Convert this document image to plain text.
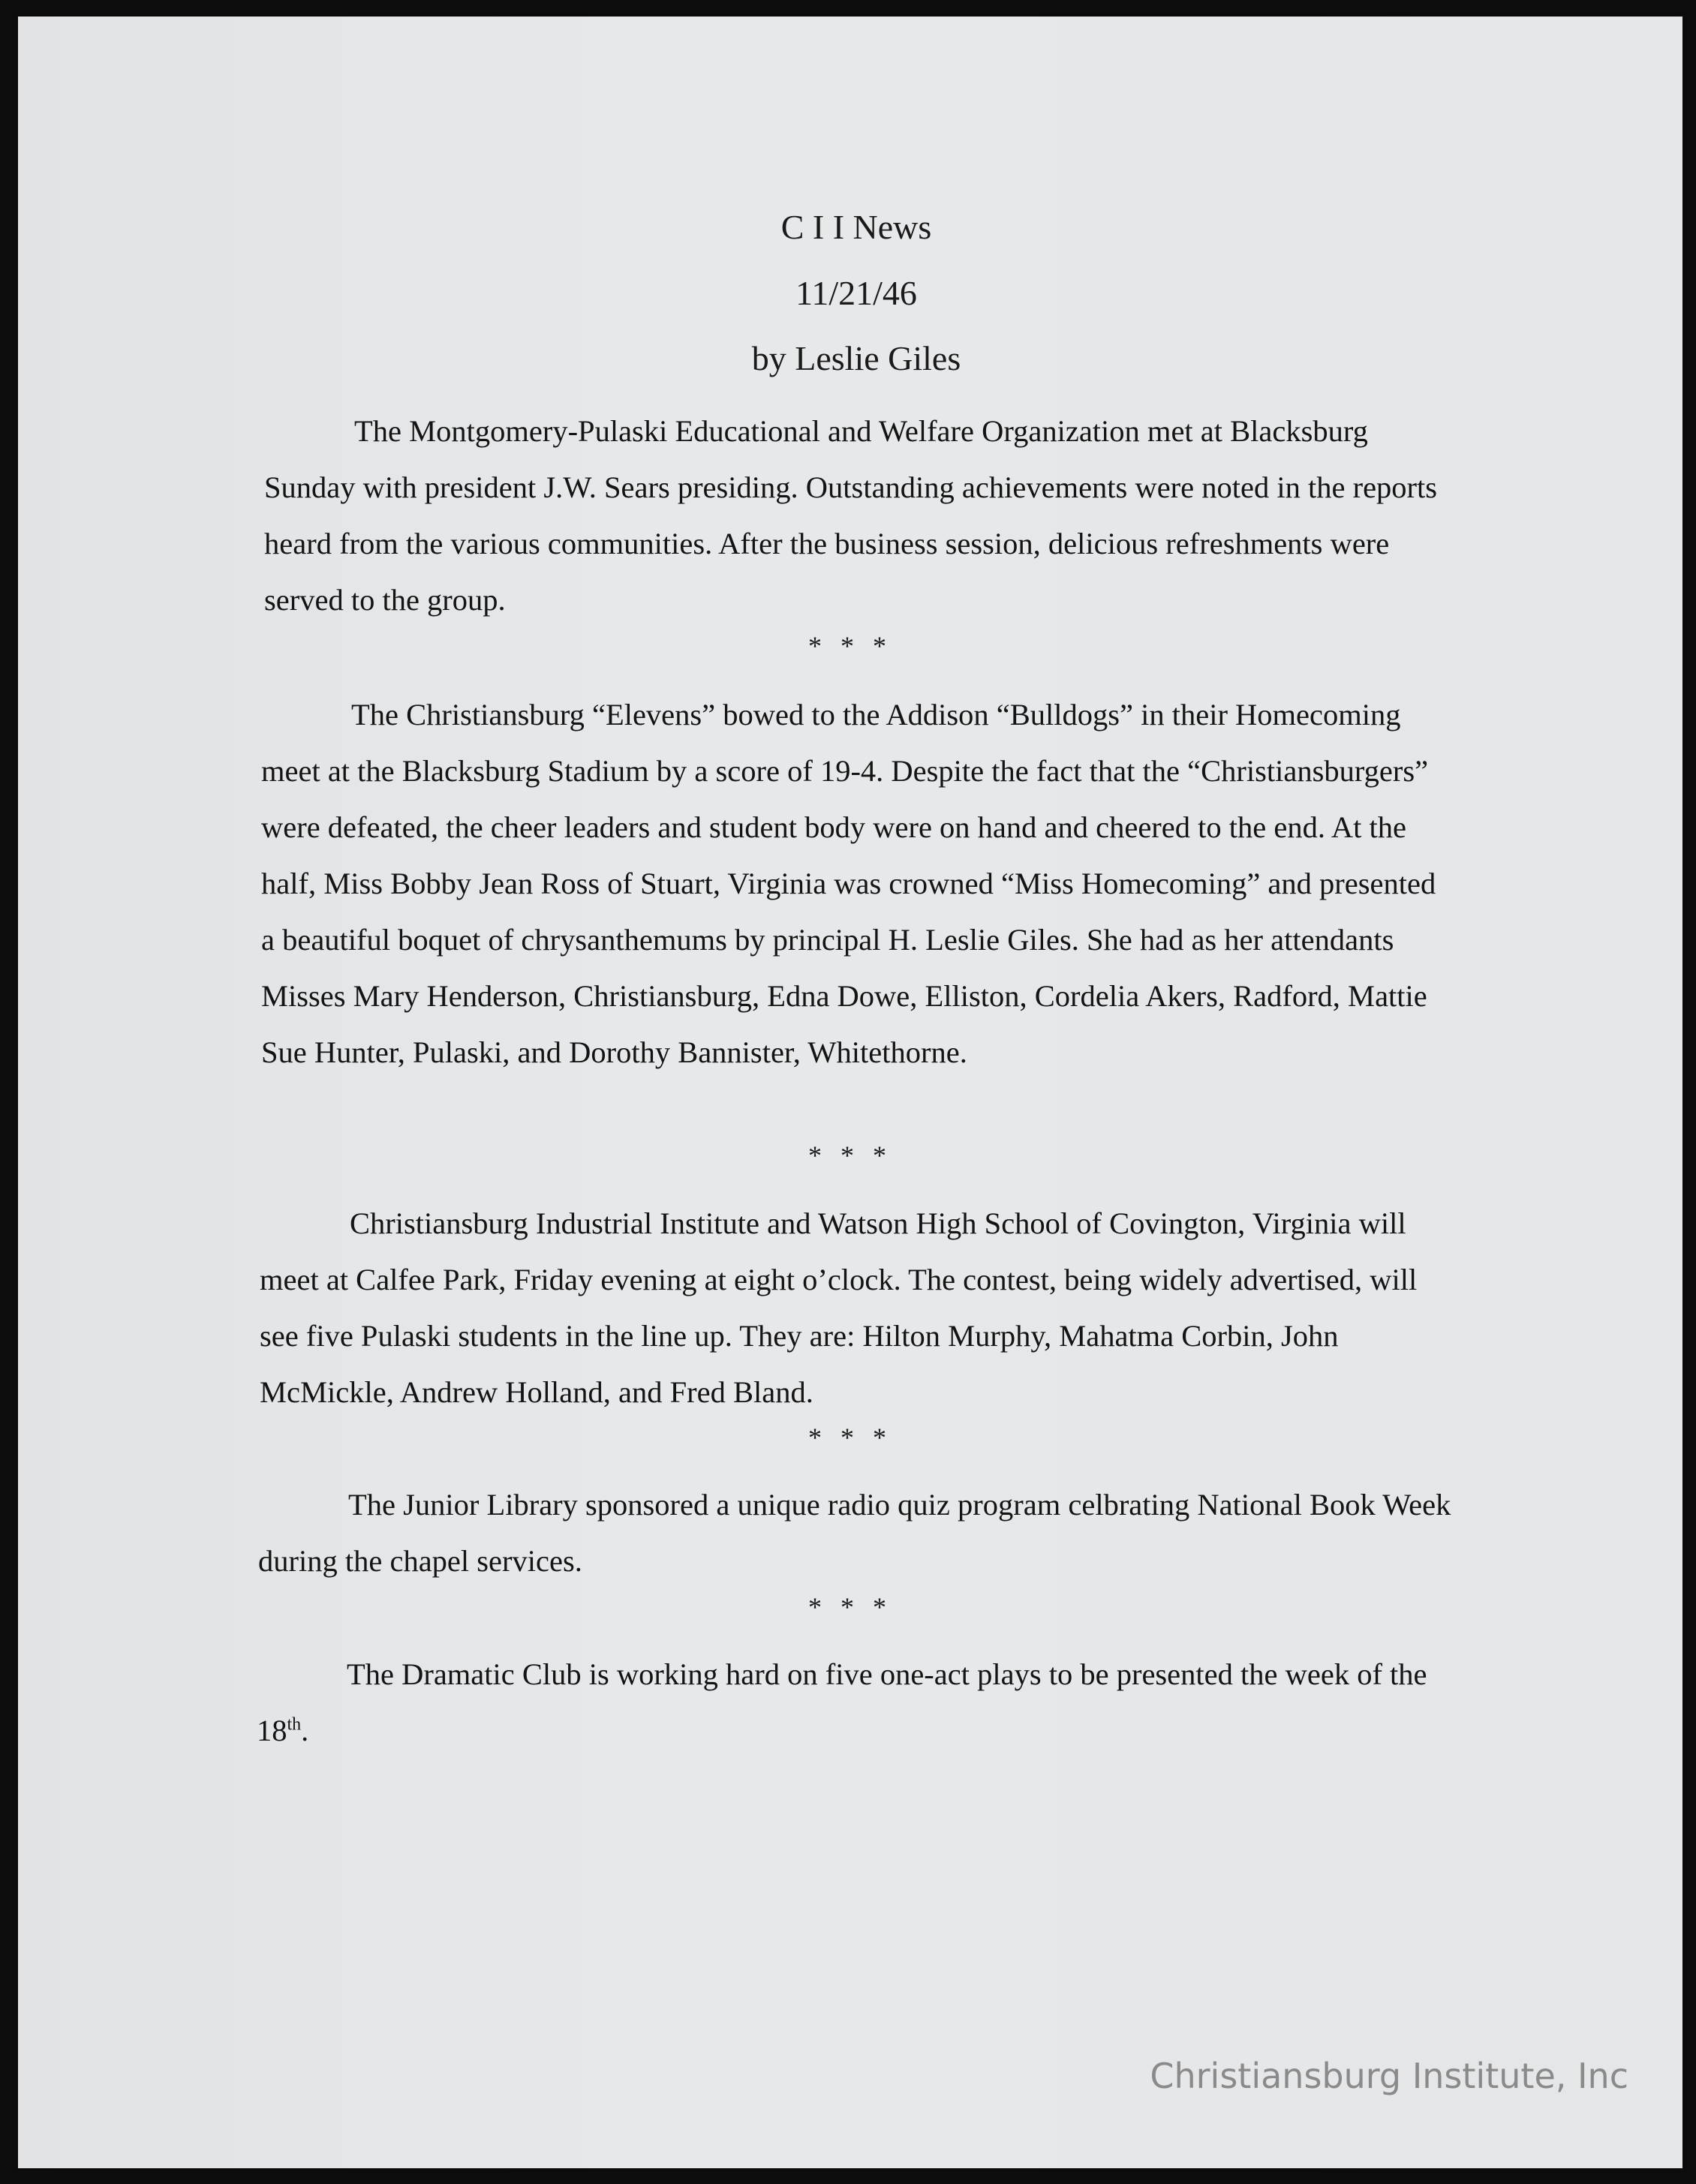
C I I News
11/21/46
by Leslie Giles

The Montgomery-Pulaski Educational and Welfare Organization met at Blacksburg Sunday with president J.W. Sears presiding. Outstanding achievements were noted in the reports heard from the various communities. After the business session, delicious refreshments were served to the group.

* * *

The Christiansburg “Elevens” bowed to the Addison “Bulldogs” in their Homecoming meet at the Blacksburg Stadium by a score of 19-4. Despite the fact that the “Christiansburgers” were defeated, the cheer leaders and student body were on hand and cheered to the end. At the half, Miss Bobby Jean Ross of Stuart, Virginia was crowned “Miss Homecoming” and presented a beautiful boquet of chrysanthemums by principal H. Leslie Giles. She had as her attendants Misses Mary Henderson, Christiansburg, Edna Dowe, Elliston, Cordelia Akers, Radford, Mattie Sue Hunter, Pulaski, and Dorothy Bannister, Whitethorne.

* * *

Christiansburg Industrial Institute and Watson High School of Covington, Virginia will meet at Calfee Park, Friday evening at eight o’clock. The contest, being widely advertised, will see five Pulaski students in the line up. They are: Hilton Murphy, Mahatma Corbin, John McMickle, Andrew Holland, and Fred Bland.

* * *

The Junior Library sponsored a unique radio quiz program celbrating National Book Week during the chapel services.

* * *

The Dramatic Club is working hard on five one-act plays to be presented the week of the 18th.

Christiansburg Institute, Inc
